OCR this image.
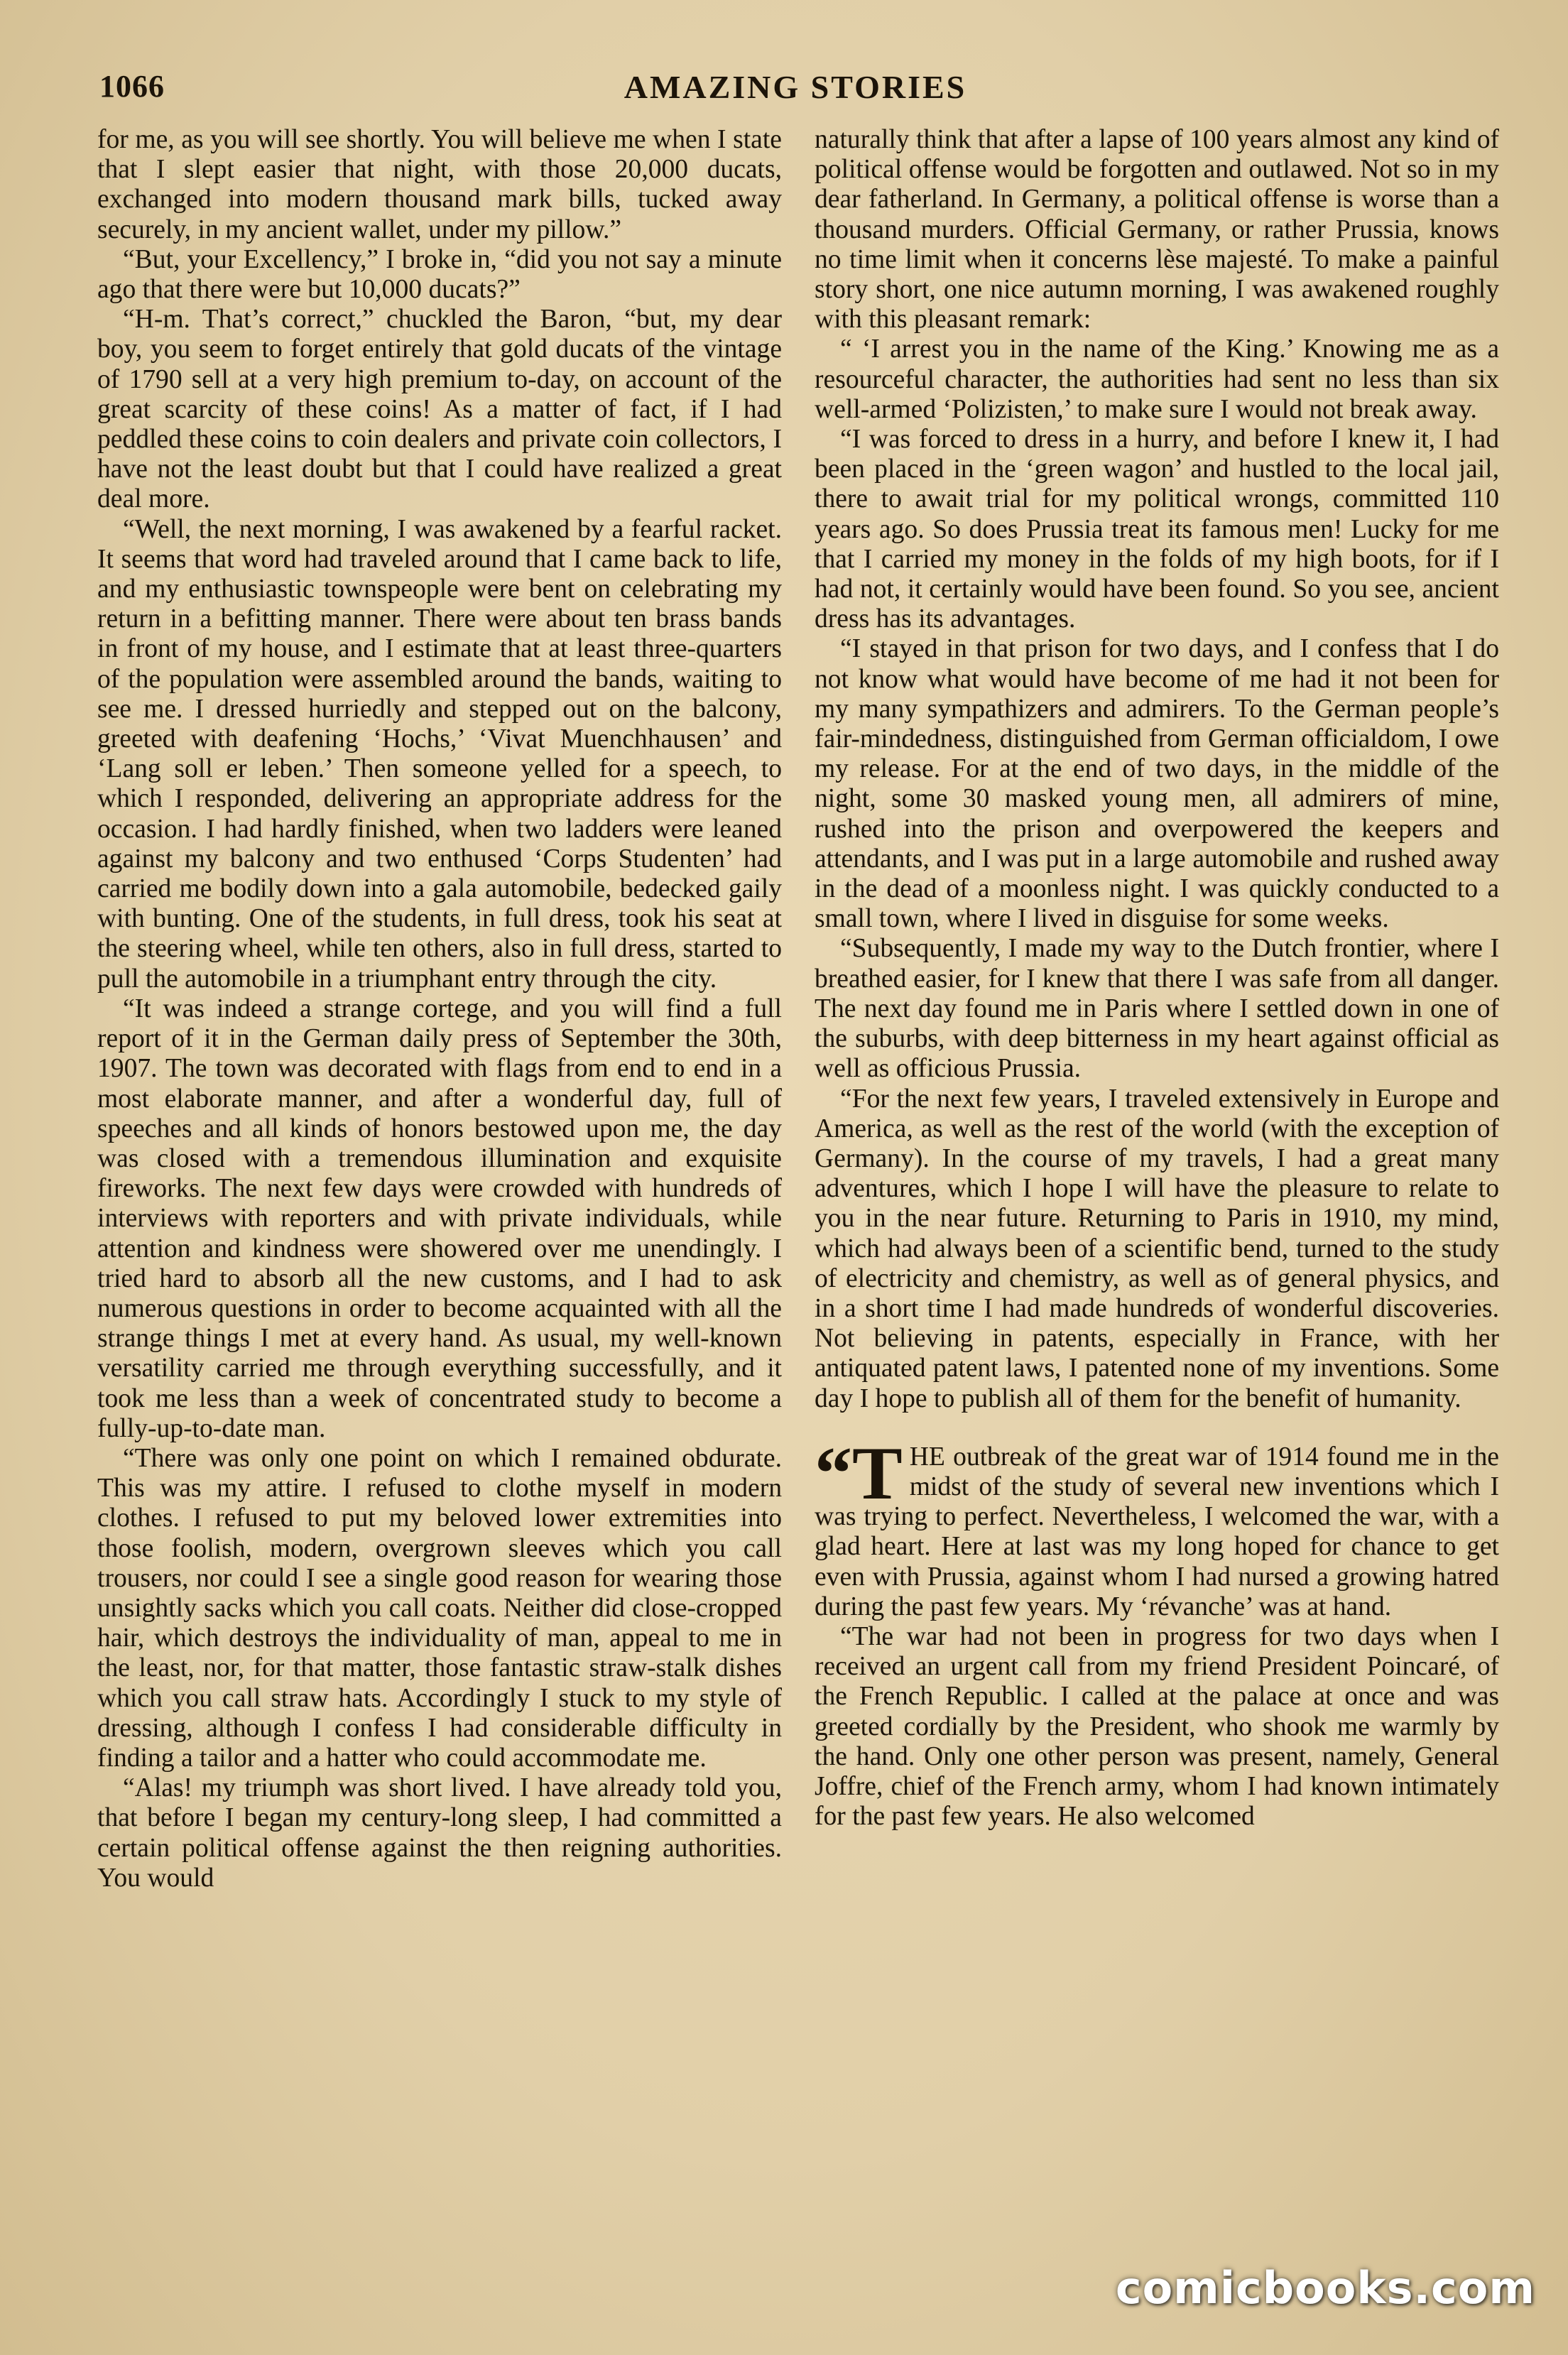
1066	AMAZING STORIES

for me, as you will see shortly. You will believe me when I state that I slept easier that night, with those 20,000 ducats, exchanged into modern thousand mark bills, tucked away securely, in my ancient wallet, under my pillow.”

“But, your Excellency,” I broke in, “did you not say a minute ago that there were but 10,000 ducats?”

“H-m. That’s correct,” chuckled the Baron, “but, my dear boy, you seem to forget entirely that gold ducats of the vintage of 1790 sell at a very high premium to-day, on account of the great scarcity of these coins! As a matter of fact, if I had peddled these coins to coin dealers and private coin collectors, I have not the least doubt but that I could have realized a great deal more.

“Well, the next morning, I was awakened by a fearful racket. It seems that word had traveled around that I came back to life, and my enthusiastic townspeople were bent on celebrating my return in a befitting manner. There were about ten brass bands in front of my house, and I estimate that at least three-quarters of the population were assembled around the bands, waiting to see me. I dressed hurriedly and stepped out on the balcony, greeted with deafening ‘Hochs,’ ‘Vivat Muenchhausen’ and ‘Lang soll er leben.’ Then someone yelled for a speech, to which I responded, delivering an appropriate address for the occasion. I had hardly finished, when two ladders were leaned against my balcony and two enthused ‘Corps Studenten’ had carried me bodily down into a gala automobile, bedecked gaily with bunting. One of the students, in full dress, took his seat at the steering wheel, while ten others, also in full dress, started to pull the automobile in a triumphant entry through the city.

“It was indeed a strange cortege, and you will find a full report of it in the German daily press of September the 30th, 1907. The town was decorated with flags from end to end in a most elaborate manner, and after a wonderful day, full of speeches and all kinds of honors bestowed upon me, the day was closed with a tremendous illumination and exquisite fireworks. The next few days were crowded with hundreds of interviews with reporters and with private individuals, while attention and kindness were showered over me unendingly. I tried hard to absorb all the new customs, and I had to ask numerous questions in order to become acquainted with all the strange things I met at every hand. As usual, my well-known versatility carried me through everything successfully, and it took me less than a week of concentrated study to become a fully-up-to-date man.

“There was only one point on which I remained obdurate. This was my attire. I refused to clothe myself in modern clothes. I refused to put my beloved lower extremities into those foolish, modern, overgrown sleeves which you call trousers, nor could I see a single good reason for wearing those unsightly sacks which you call coats. Neither did close-cropped hair, which destroys the individuality of man, appeal to me in the least, nor, for that matter, those fantastic straw-stalk dishes which you call straw hats. Accordingly I stuck to my style of dressing, although I confess I had considerable difficulty in finding a tailor and a hatter who could accommodate me.

“Alas! my triumph was short lived. I have already told you, that before I began my century-long sleep, I had committed a certain political offense against the then reigning authorities. You would

naturally think that after a lapse of 100 years almost any kind of political offense would be forgotten and outlawed. Not so in my dear fatherland. In Germany, a political offense is worse than a thousand murders. Official Germany, or rather Prussia, knows no time limit when it concerns lèse majesté. To make a painful story short, one nice autumn morning, I was awakened roughly with this pleasant remark:

“ ‘I arrest you in the name of the King.’ Knowing me as a resourceful character, the authorities had sent no less than six well-armed ‘Polizisten,’ to make sure I would not break away.

“I was forced to dress in a hurry, and before I knew it, I had been placed in the ‘green wagon’ and hustled to the local jail, there to await trial for my political wrongs, committed 110 years ago. So does Prussia treat its famous men! Lucky for me that I carried my money in the folds of my high boots, for if I had not, it certainly would have been found. So you see, ancient dress has its advantages.

“I stayed in that prison for two days, and I confess that I do not know what would have become of me had it not been for my many sympathizers and admirers. To the German people’s fair-mindedness, distinguished from German officialdom, I owe my release. For at the end of two days, in the middle of the night, some 30 masked young men, all admirers of mine, rushed into the prison and overpowered the keepers and attendants, and I was put in a large automobile and rushed away in the dead of a moonless night. I was quickly conducted to a small town, where I lived in disguise for some weeks.

“Subsequently, I made my way to the Dutch frontier, where I breathed easier, for I knew that there I was safe from all danger. The next day found me in Paris where I settled down in one of the suburbs, with deep bitterness in my heart against official as well as officious Prussia.

“For the next few years, I traveled extensively in Europe and America, as well as the rest of the world (with the exception of Germany). In the course of my travels, I had a great many adventures, which I hope I will have the pleasure to relate to you in the near future. Returning to Paris in 1910, my mind, which had always been of a scientific bend, turned to the study of electricity and chemistry, as well as of general physics, and in a short time I had made hundreds of wonderful discoveries. Not believing in patents, especially in France, with her antiquated patent laws, I patented none of my inventions. Some day I hope to publish all of them for the benefit of humanity.

“THE outbreak of the great war of 1914 found me in the midst of the study of several new inventions which I was trying to perfect. Nevertheless, I welcomed the war, with a glad heart. Here at last was my long hoped for chance to get even with Prussia, against whom I had nursed a growing hatred during the past few years. My ‘révanche’ was at hand.

“The war had not been in progress for two days when I received an urgent call from my friend President Poincaré, of the French Republic. I called at the palace at once and was greeted cordially by the President, who shook me warmly by the hand. Only one other person was present, namely, General Joffre, chief of the French army, whom I had known intimately for the past few years. He also welcomed

comicbooks.com
